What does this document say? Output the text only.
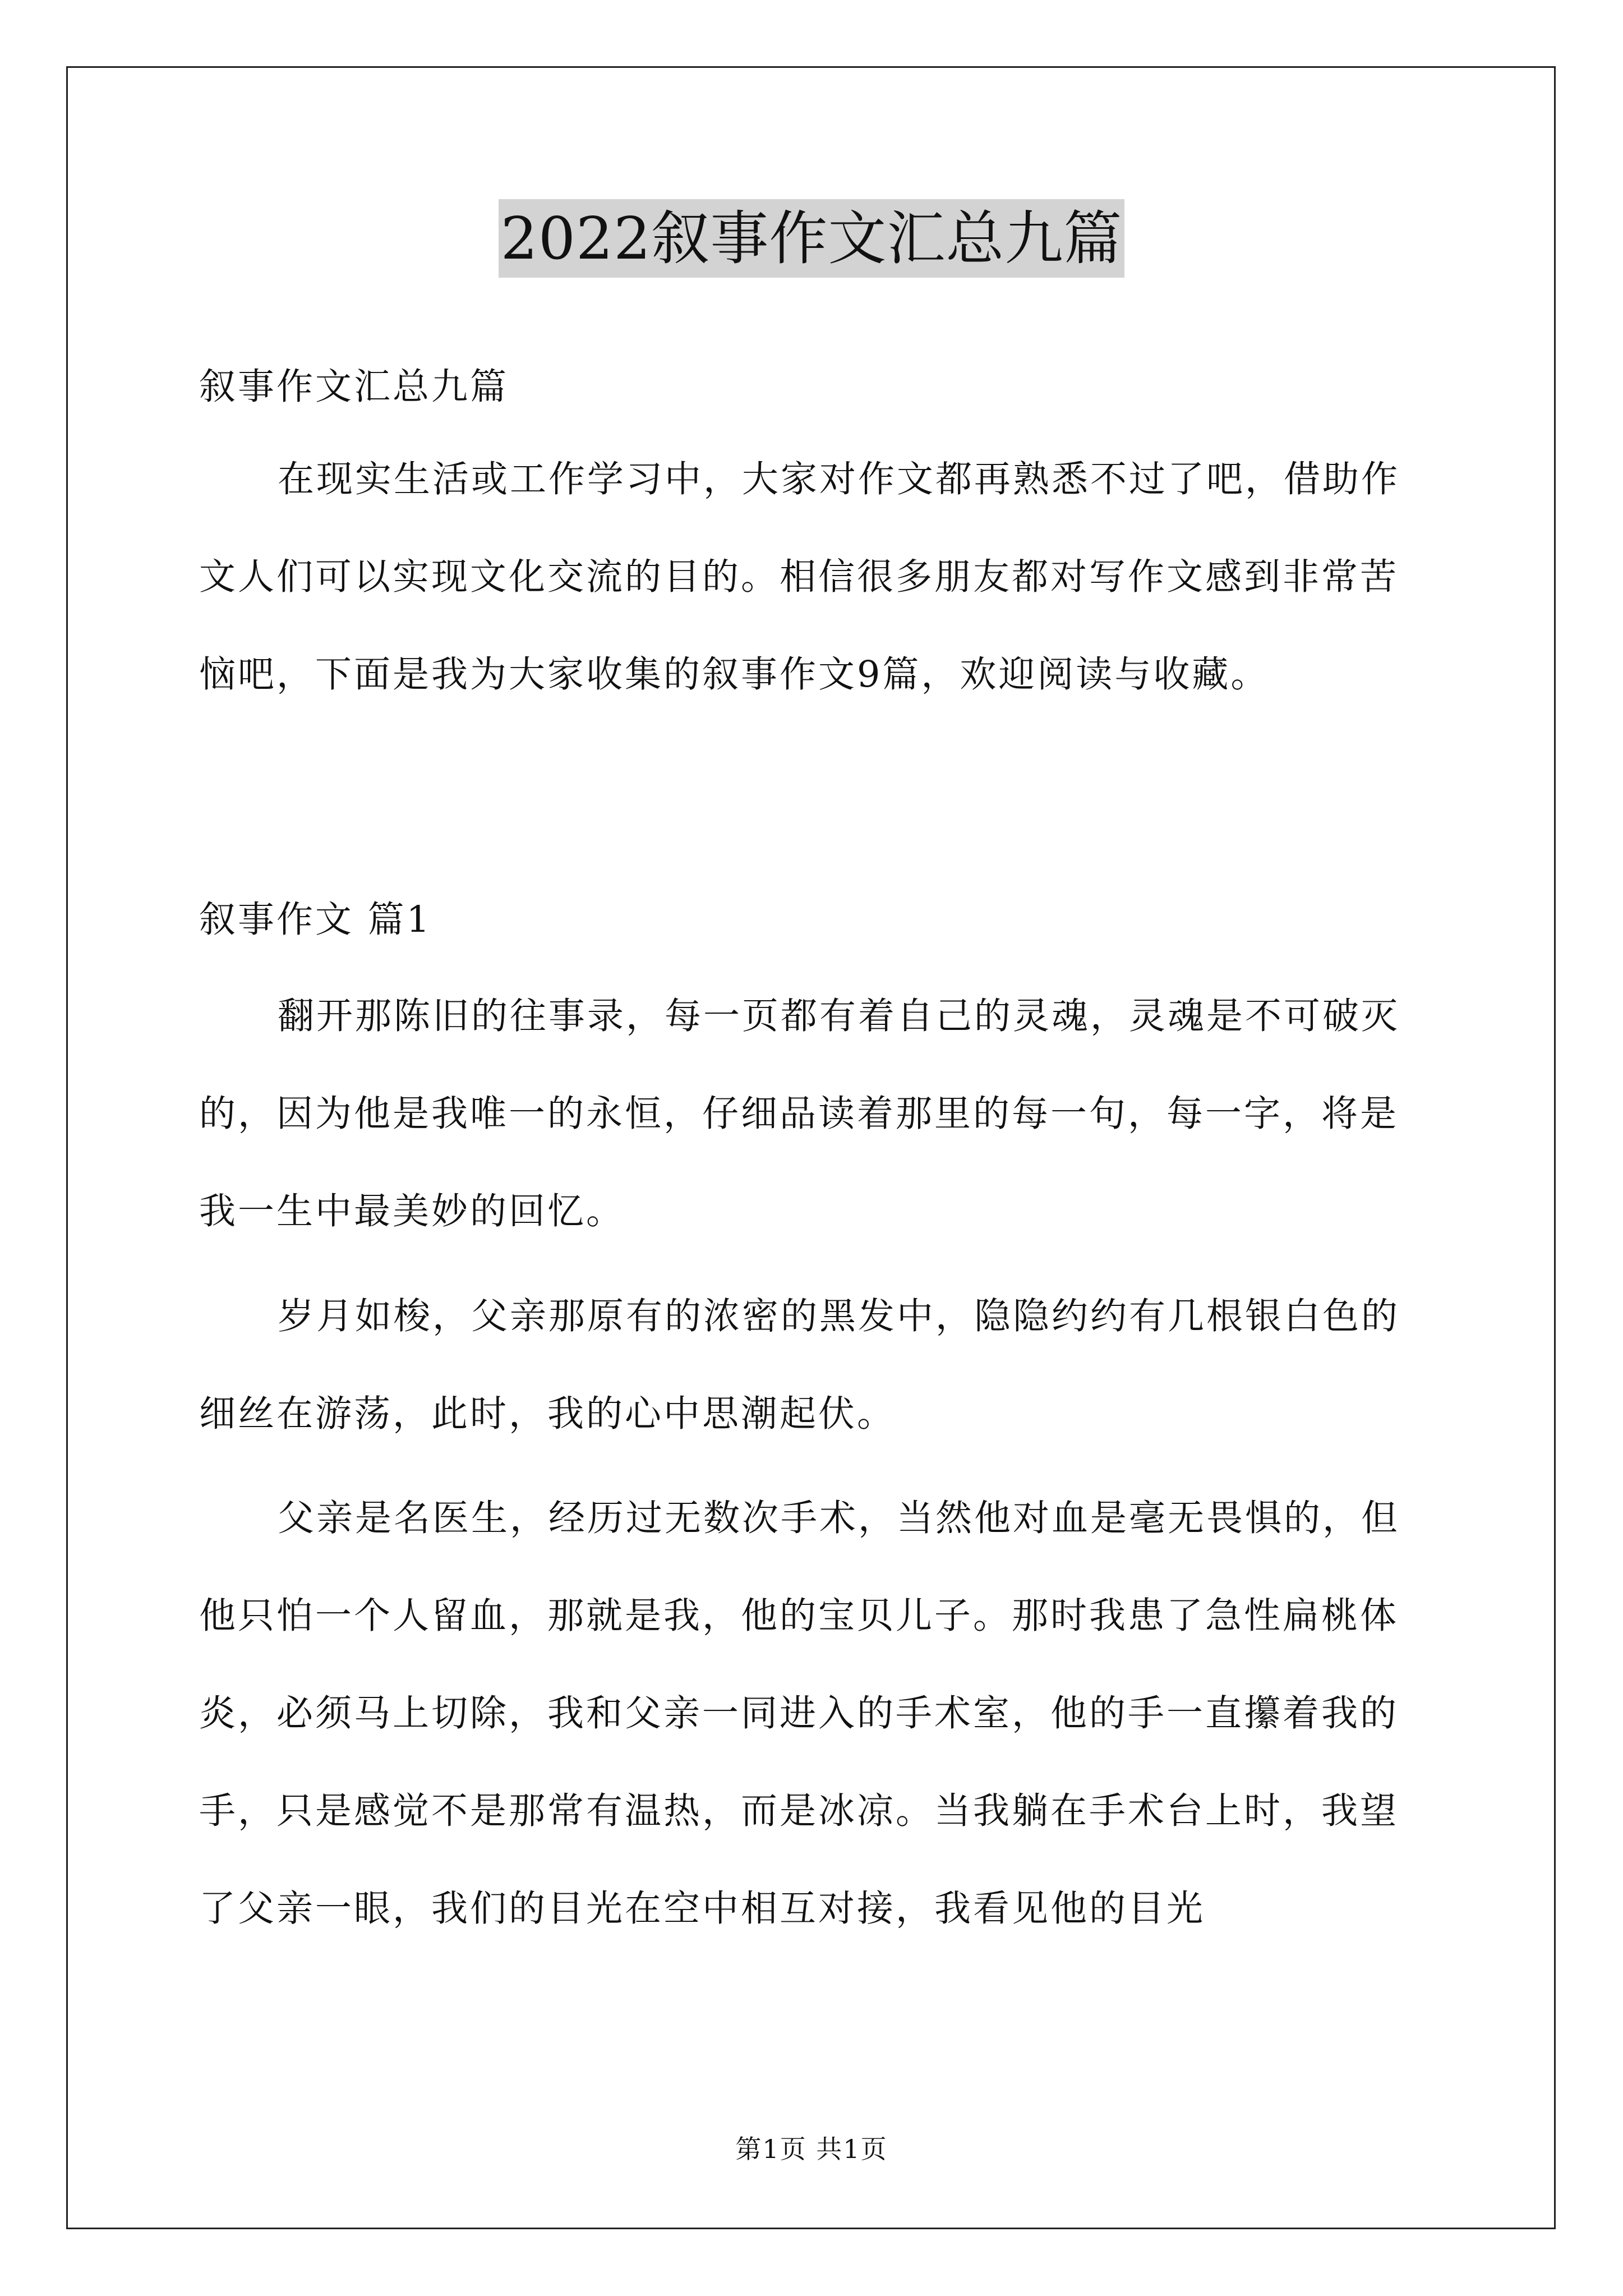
2022叙事作文汇总九篇
叙事作文汇总九篇

在现实生活或工作学习中，大家对作文都再熟悉不过了吧，借助作文人们可以实现文化交流的目的。相信很多朋友都对写作文感到非常苦恼吧，下面是我为大家收集的叙事作文9篇，欢迎阅读与收藏。

叙事作文 篇1

翻开那陈旧的往事录，每一页都有着自己的灵魂，灵魂是不可破灭的，因为他是我唯一的永恒，仔细品读着那里的每一句，每一字，将是我一生中最美妙的回忆。

岁月如梭，父亲那原有的浓密的黑发中，隐隐约约有几根银白色的细丝在游荡，此时，我的心中思潮起伏。

父亲是名医生，经历过无数次手术，当然他对血是毫无畏惧的，但他只怕一个人留血，那就是我，他的宝贝儿子。那时我患了急性扁桃体炎，必须马上切除，我和父亲一同进入的手术室，他的手一直攥着我的手，只是感觉不是那常有温热，而是冰凉。当我躺在手术台上时，我望了父亲一眼，我们的目光在空中相互对接，我看见他的目光

第1页 共1页
